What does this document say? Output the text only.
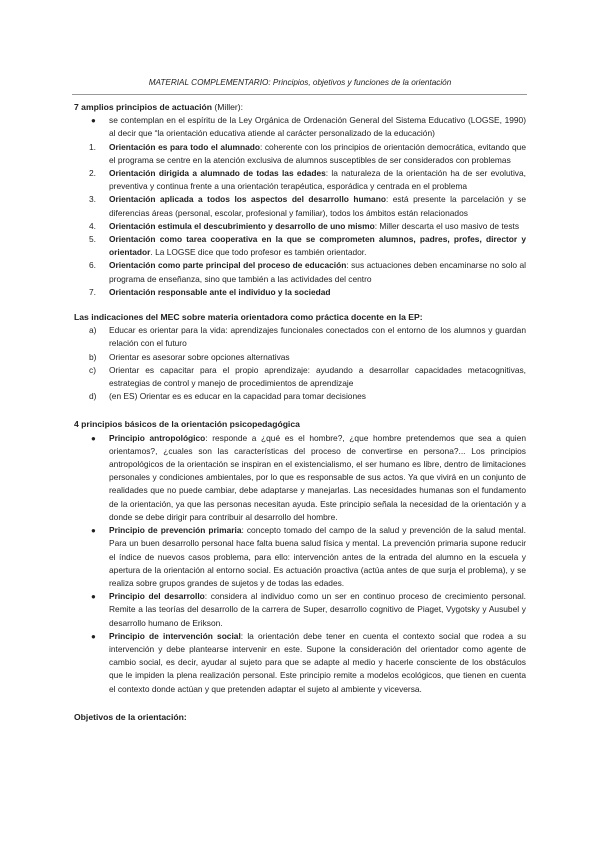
MATERIAL COMPLEMENTARIO: Principios, objetivos y funciones de la orientación

7 amplios principios de actuación (Miller):

● se contemplan en el espíritu de la Ley Orgánica de Ordenación General del Sistema Educativo (LOGSE, 1990) al decir que “la orientación educativa atiende al carácter personalizado de la educación)
1.	Orientación es para todo el alumnado: coherente con los principios de orientación democrática, evitando que el programa se centre en la atención exclusiva de alumnos susceptibles de ser considerados con problemas
2.	Orientación dirigida a alumnado de todas las edades: la naturaleza de la orientación ha de ser evolutiva, preventiva y continua frente a una orientación terapéutica, esporádica y centrada en el problema
3.	Orientación aplicada a todos los aspectos del desarrollo humano: está presente la parcelación y se diferencias áreas (personal, escolar, profesional y familiar), todos los ámbitos están relacionados
4.	Orientación estimula el descubrimiento y desarrollo de uno mismo: Miller descarta el uso masivo de tests
5.	Orientación como tarea cooperativa en la que se comprometen alumnos, padres, profes, director y orientador. La LOGSE dice que todo profesor es también orientador.
6.	Orientación como parte principal del proceso de educación: sus actuaciones deben encaminarse no solo al programa de enseñanza, sino que también a las actividades del centro
7.	Orientación responsable ante el individuo y la sociedad

Las indicaciones del MEC sobre materia orientadora como práctica docente en la EP:

a)	Educar es orientar para la vida: aprendizajes funcionales conectados con el entorno de los alumnos y guardan relación con el futuro
b)	Orientar es asesorar sobre opciones alternativas
c)	Orientar es capacitar para el propio aprendizaje: ayudando a desarrollar capacidades metacognitivas, estrategias de control y manejo de procedimientos de aprendizaje
d)	(en ES) Orientar es es educar en la capacidad para tomar decisiones

4 principios básicos de la orientación psicopedagógica

● Principio antropológico: responde a ¿qué es el hombre?, ¿que hombre pretendemos que sea a quien orientamos?, ¿cuales son las características del proceso de convertirse en persona?... Los principios antropológicos de la orientación se inspiran en el existencialismo, el ser humano es libre, dentro de limitaciones personales y condiciones ambientales, por lo que es responsable de sus actos. Ya que vivirá en un conjunto de realidades que no puede cambiar, debe adaptarse y manejarlas. Las necesidades humanas son el fundamento de la orientación, ya que las personas necesitan ayuda. Este principio señala la necesidad de la orientación y a donde se debe dirigir para contribuir al desarrollo del hombre.
● Principio de prevención primaria: concepto tomado del campo de la salud y prevención de la salud mental. Para un buen desarrollo personal hace falta buena salud física y mental. La prevención primaria supone reducir el índice de nuevos casos problema, para ello: intervención antes de la entrada del alumno en la escuela y apertura de la orientación al entorno social. Es actuación proactiva (actúa antes de que surja el problema), y se realiza sobre grupos grandes de sujetos y de todas las edades.
● Principio del desarrollo: considera al individuo como un ser en continuo proceso de crecimiento personal. Remite a las teorías del desarrollo de la carrera de Super, desarrollo cognitivo de Piaget, Vygotsky y Ausubel y desarrollo humano de Erikson.
● Principio de intervención social: la orientación debe tener en cuenta el contexto social que rodea a su intervención y debe plantearse intervenir en este. Supone la consideración del orientador como agente de cambio social, es decir, ayudar al sujeto para que se adapte al medio y hacerle consciente de los obstáculos que le impiden la plena realización personal. Este principio remite a modelos ecológicos, que tienen en cuenta el contexto donde actúan y que pretenden adaptar el sujeto al ambiente y viceversa.

Objetivos de la orientación:
